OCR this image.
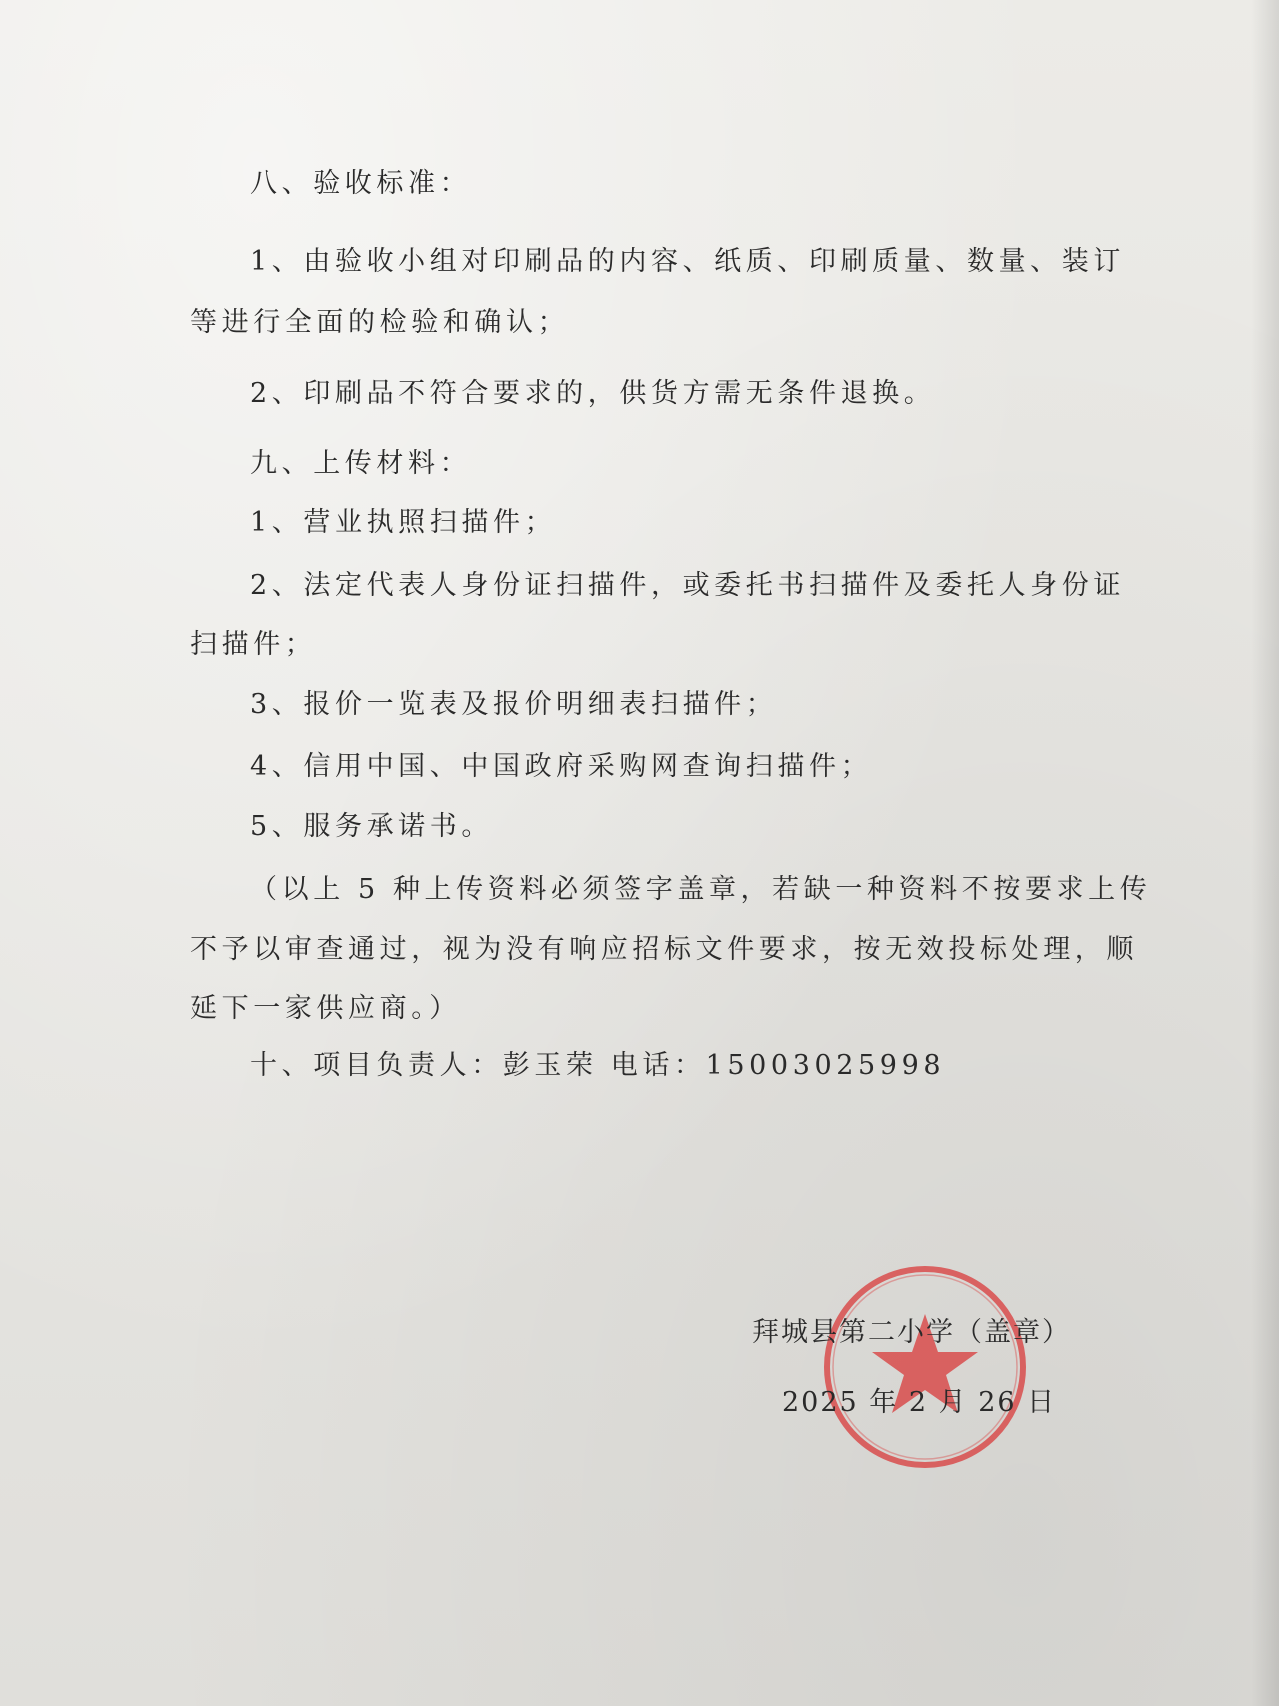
八、验收标准：
1、由验收小组对印刷品的内容、纸质、印刷质量、数量、装订
等进行全面的检验和确认；
2、印刷品不符合要求的，供货方需无条件退换。
九、上传材料：
1、营业执照扫描件；
2、法定代表人身份证扫描件，或委托书扫描件及委托人身份证
扫描件；
3、报价一览表及报价明细表扫描件；
4、信用中国、中国政府采购网查询扫描件；
5、服务承诺书。
（以上 5 种上传资料必须签字盖章，若缺一种资料不按要求上传
不予以审查通过，视为没有响应招标文件要求，按无效投标处理，顺
延下一家供应商。）
十、项目负责人：彭玉荣 电话：15003025998
拜城县第二小学（盖章）
2025 年 2 月 26 日
